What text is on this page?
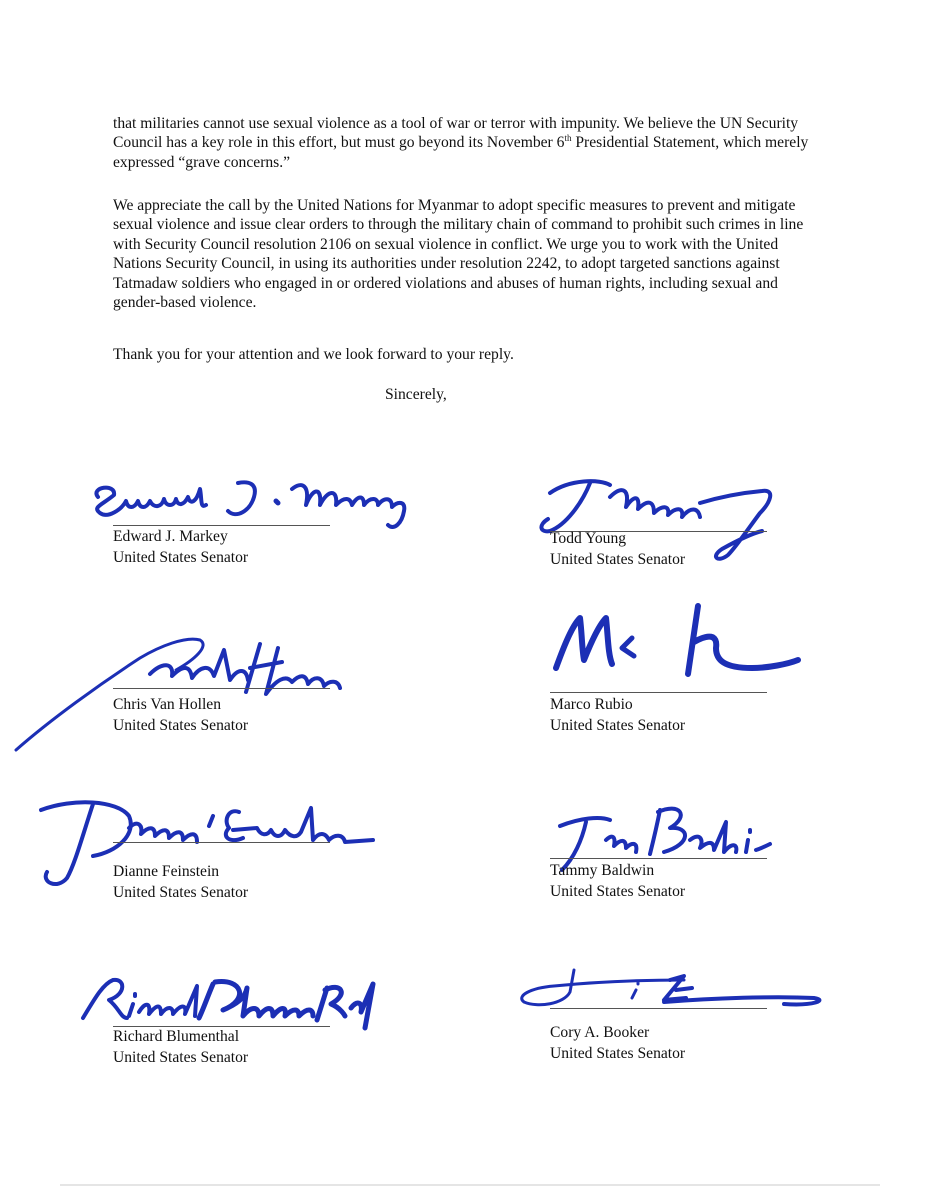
that militaries cannot use sexual violence as a tool of war or terror with impunity. We believe the UN Security Council has a key role in this effort, but must go beyond its November 6th Presidential Statement, which merely expressed “grave concerns.”

We appreciate the call by the United Nations for Myanmar to adopt specific measures to prevent and mitigate sexual violence and issue clear orders to through the military chain of command to prohibit such crimes in line with Security Council resolution 2106 on sexual violence in conflict. We urge you to work with the United Nations Security Council, in using its authorities under resolution 2242, to adopt targeted sanctions against Tatmadaw soldiers who engaged in or ordered violations and abuses of human rights, including sexual and gender-based violence.

Thank you for your attention and we look forward to your reply.

Sincerely,
Edward J. Markey
United States Senator
Todd Young
United States Senator
Chris Van Hollen
United States Senator
Marco Rubio
United States Senator
Dianne Feinstein
United States Senator
Tammy Baldwin
United States Senator
Richard Blumenthal
United States Senator
Cory A. Booker
United States Senator
